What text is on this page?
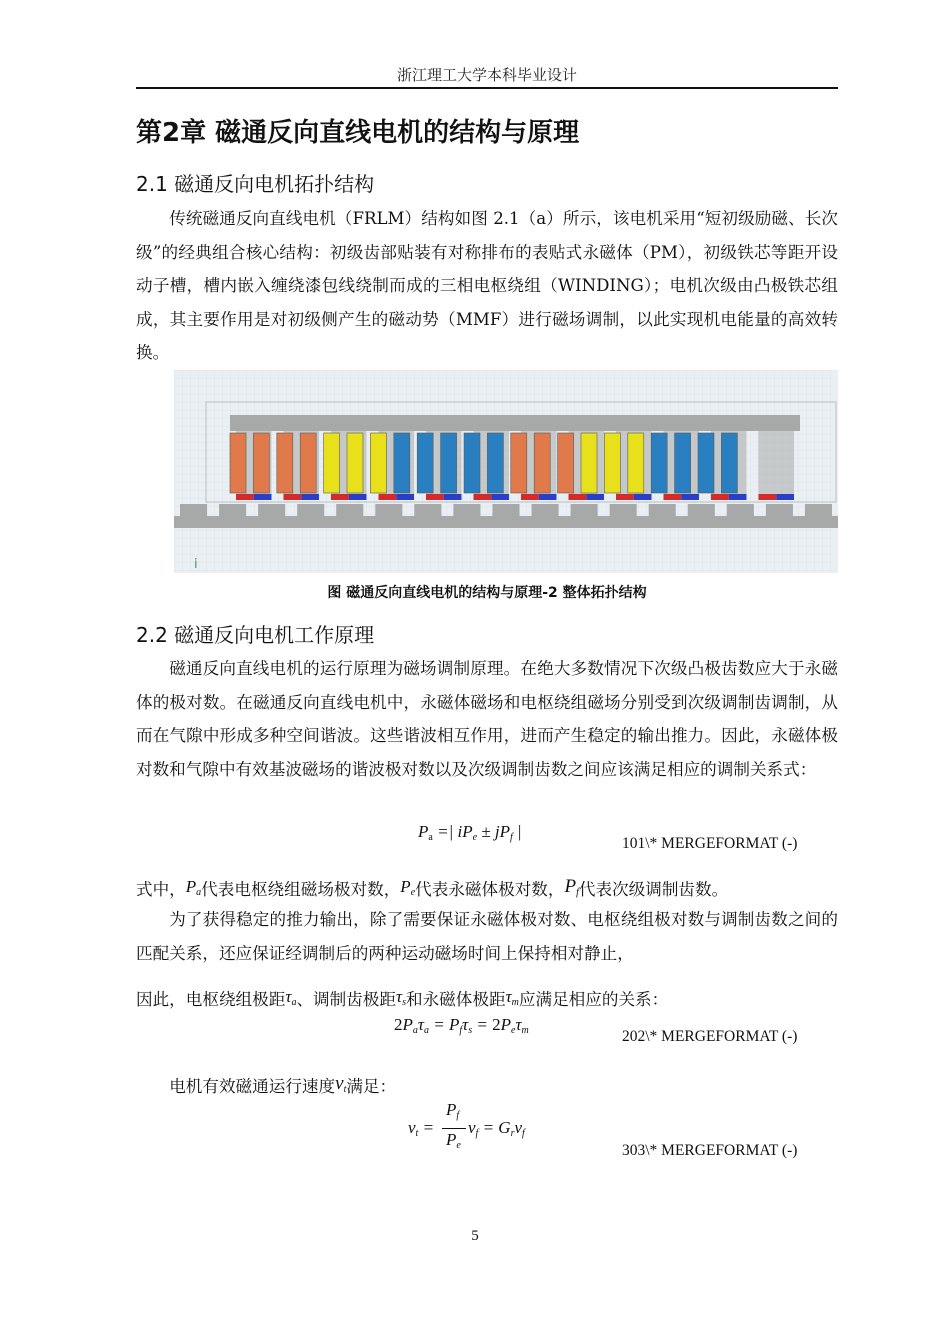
浙江理工大学本科毕业设计
第2章 磁通反向直线电机的结构与原理
2.1 磁通反向电机拓扑结构
传统磁通反向直线电机（FRLM）结构如图 2.1（a）所示，该电机采用“短初级励磁、长次级”的经典组合核心结构：初级齿部贴装有对称排布的表贴式永磁体（PM），初级铁芯等距开设动子槽，槽内嵌入缠绕漆包线绕制而成的三相电枢绕组（WINDING）；电机次级由凸极铁芯组成，其主要作用是对初级侧产生的磁动势（MMF）进行磁场调制，以此实现机电能量的高效转换。
i
图 磁通反向直线电机的结构与原理-2 整体拓扑结构
2.2 磁通反向电机工作原理
磁通反向直线电机的运行原理为磁场调制原理。在绝大多数情况下次级凸极齿数应大于永磁体的极对数。在磁通反向直线电机中，永磁体磁场和电枢绕组磁场分别受到次级调制齿调制，从而在气隙中形成多种空间谐波。这些谐波相互作用，进而产生稳定的输出推力。因此，永磁体极对数和气隙中有效基波磁场的谐波极对数以及次级调制齿数之间应该满足相应的调制关系式：
$P_a$ =| $iP_e \pm jP_f$ |
101\* MERGEFORMAT (-)
式中，$P_a$代表电枢绕组磁场极对数，$P_e$代表永磁体极对数，$P_f$代表次级调制齿数。
为了获得稳定的推力输出，除了需要保证永磁体极对数、电枢绕组极对数与调制齿数之间的匹配关系，还应保证经调制后的两种运动磁场时间上保持相对静止，
因此，电枢绕组极距$\tau_a$、调制齿极距$\tau_s$和永磁体极距$\tau_m$应满足相应的关系：
$2P_a\tau_a = P_f\tau_s = 2P_e\tau_m$	202\* MERGEFORMAT (-)
电机有效磁通运行速度$v_t$满足：
$v_t$ =
$P_f$
$P_e$
$v_f = G_rv_f$
303\* MERGEFORMAT (-)
5
